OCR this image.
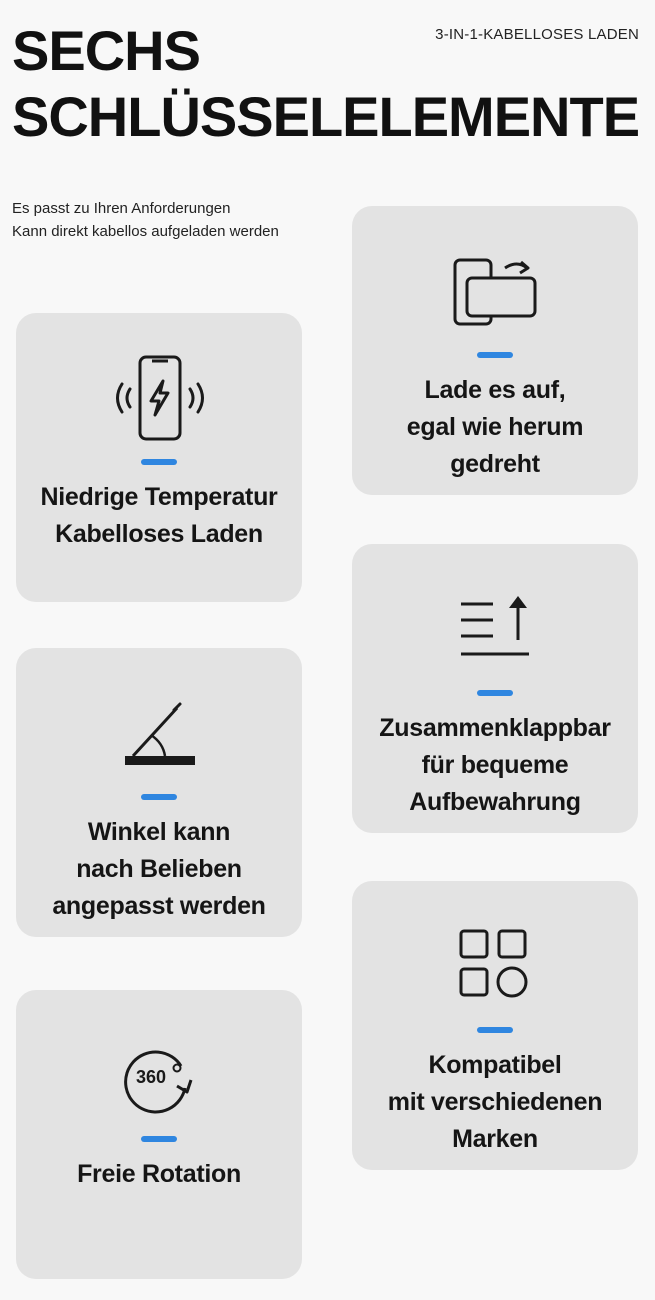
SECHS
SCHLÜSSELELEMENTE
3-IN-1-KABELLOSES LADEN
Es passt zu Ihren Anforderungen
Kann direkt kabellos aufgeladen werden
Niedrige Temperatur
Kabelloses Laden
Lade es auf,
egal wie herum
gedreht
Winkel kann
nach Belieben
angepasst werden
Zusammenklappbar
für bequeme
Aufbewahrung
360
Freie Rotation
Kompatibel
mit verschiedenen
Marken
